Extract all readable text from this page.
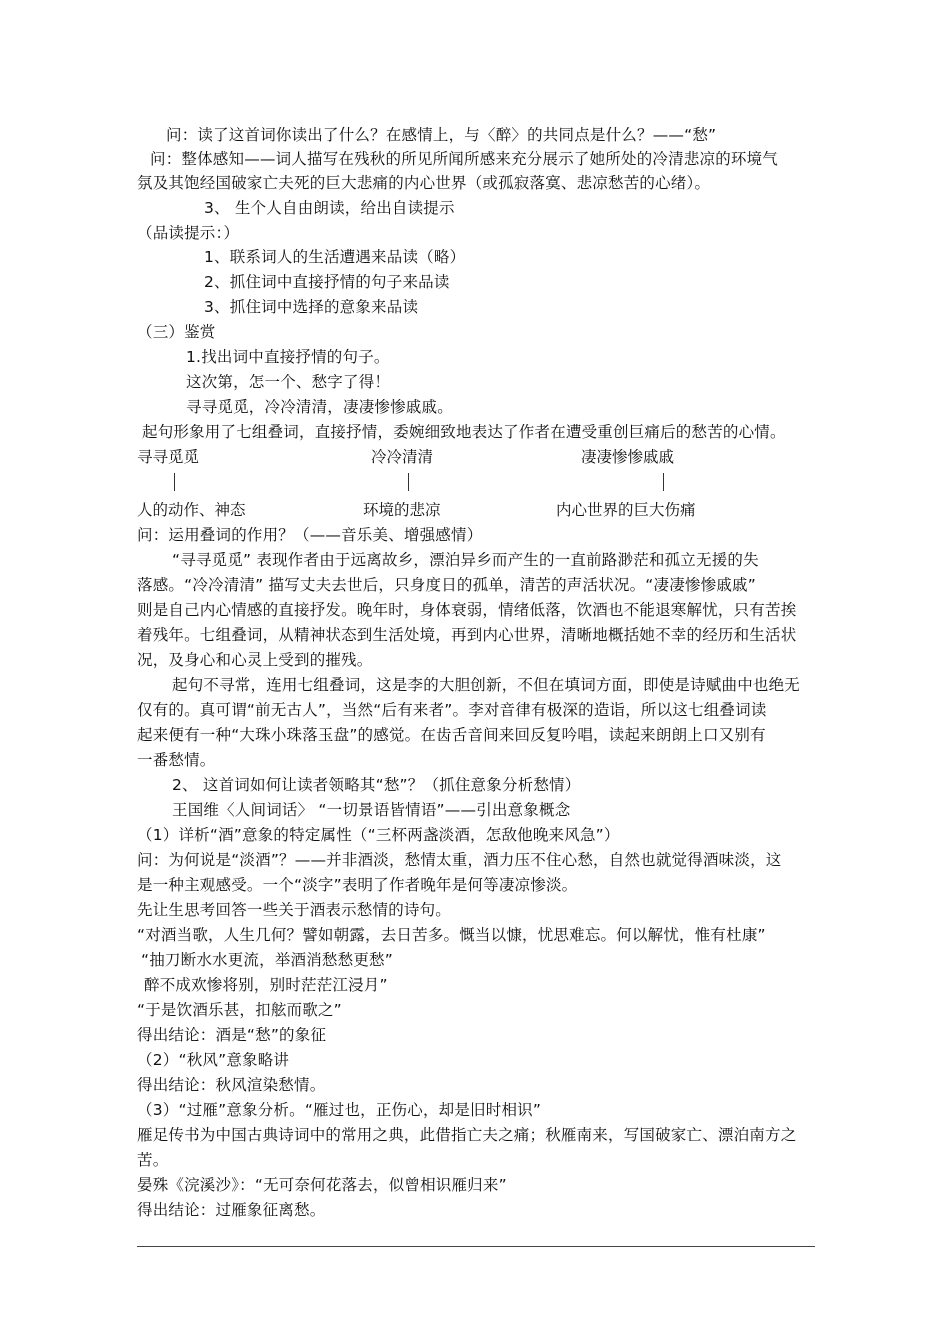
问：读了这首词你读出了什么？在感情上，与〈醉〉的共同点是什么？——“愁”
问：整体感知——词人描写在残秋的所见所闻所感来充分展示了她所处的冷清悲凉的环境气
氛及其饱经国破家亡夫死的巨大悲痛的内心世界（或孤寂落寞、悲凉愁苦的心绪）。
3、 生个人自由朗读，给出自读提示
（品读提示：）
1、联系词人的生活遭遇来品读（略）
2、抓住词中直接抒情的句子来品读
3、抓住词中选择的意象来品读
（三）鉴赏
1.找出词中直接抒情的句子。
这次第，怎一个、愁字了得！
寻寻觅觅，冷冷清清，凄凄惨惨戚戚。
起句形象用了七组叠词，直接抒情，委婉细致地表达了作者在遭受重创巨痛后的愁苦的心情。
寻寻觅觅	冷冷清清	凄凄惨惨戚戚
人的动作、神态	环境的悲凉	内心世界的巨大伤痛
问：运用叠词的作用？（——音乐美、增强感情）
“寻寻觅觅” 表现作者由于远离故乡，漂泊异乡而产生的一直前路渺茫和孤立无援的失
落感。“冷冷清清” 描写丈夫去世后，只身度日的孤单，清苦的声活状况。“凄凄惨惨戚戚”
则是自己内心情感的直接抒发。晚年时，身体衰弱，情绪低落，饮酒也不能退寒解忧，只有苦挨
着残年。七组叠词，从精神状态到生活处境，再到内心世界，清晰地概括她不幸的经历和生活状
况，及身心和心灵上受到的摧残。
起句不寻常，连用七组叠词，这是李的大胆创新，不但在填词方面，即使是诗赋曲中也绝无
仅有的。真可谓“前无古人”，当然“后有来者”。李对音律有极深的造诣，所以这七组叠词读
起来便有一种“大珠小珠落玉盘”的感觉。在齿舌音间来回反复吟唱，读起来朗朗上口又别有
一番愁情。
2、 这首词如何让读者领略其“愁”？（抓住意象分析愁情）
王国维〈人间词话〉 “一切景语皆情语”——引出意象概念
（1）详析“酒”意象的特定属性（“三杯两盏淡酒，怎敌他晚来风急”）
问：为何说是“淡酒”？——并非酒淡，愁情太重，酒力压不住心愁，自然也就觉得酒味淡，这
是一种主观感受。一个“淡字”表明了作者晚年是何等凄凉惨淡。
先让生思考回答一些关于酒表示愁情的诗句。
“对酒当歌，人生几何？譬如朝露，去日苦多。慨当以慷，忧思难忘。何以解忧，惟有杜康”
“抽刀断水水更流，举酒消愁愁更愁”
醉不成欢惨将别，别时茫茫江浸月”
“于是饮酒乐甚，扣舷而歌之”
得出结论：酒是“愁”的象征
（2）“秋风”意象略讲
得出结论：秋风渲染愁情。
（3）“过雁”意象分析。“雁过也，正伤心，却是旧时相识”
雁足传书为中国古典诗词中的常用之典，此借指亡夫之痛；秋雁南来，写国破家亡、漂泊南方之
苦。
晏殊《浣溪沙》：“无可奈何花落去，似曾相识雁归来”
得出结论：过雁象征离愁。
